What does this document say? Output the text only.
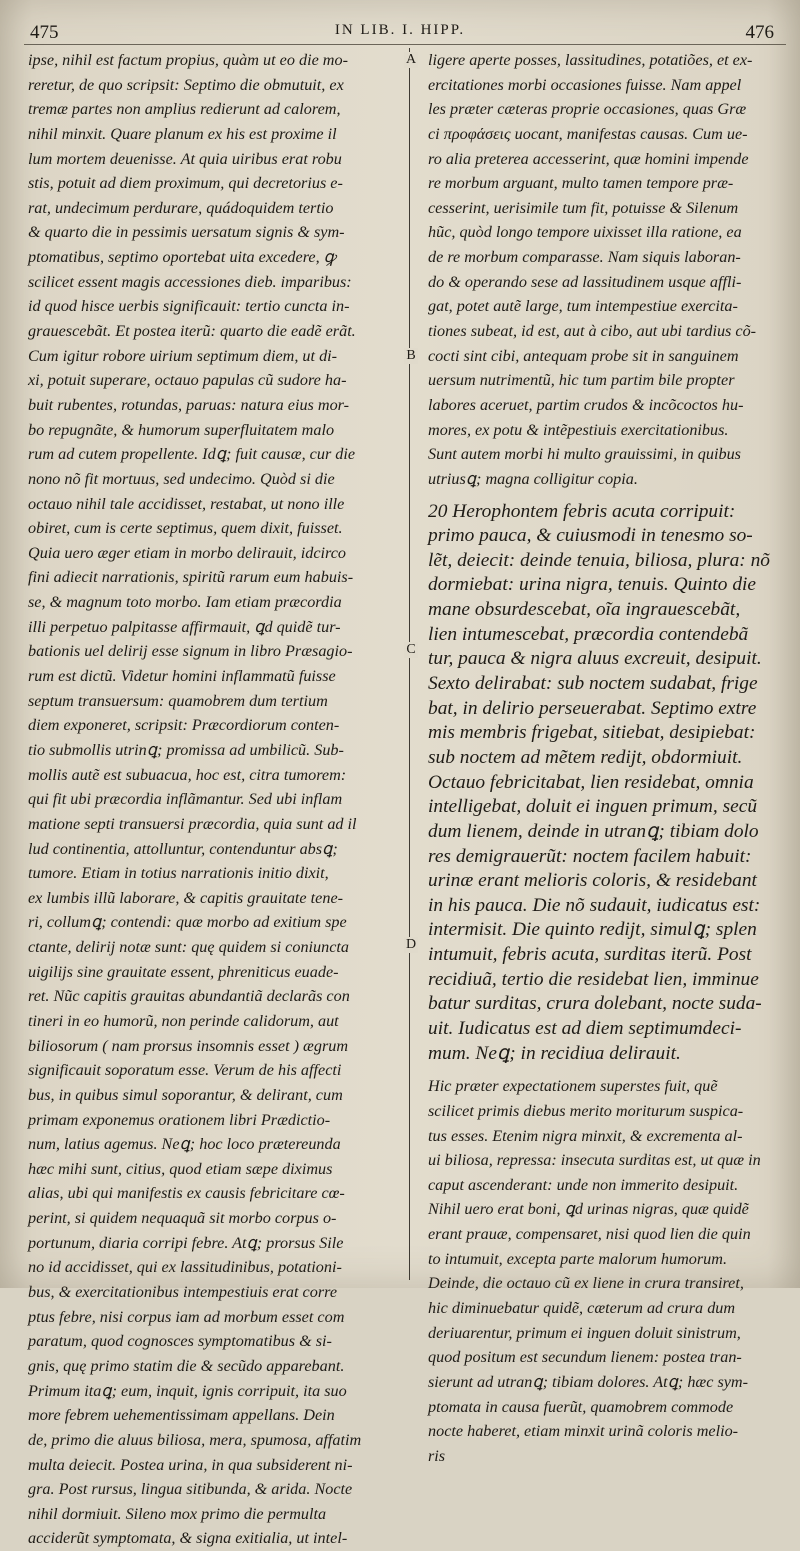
475	IN LIB. I. HIPP.	476
ipse, nihil est factum propius, quàm ut eo die mo-
reretur, de quo scripsit: Septimo die obmutuit, ex
tremæ partes non amplius redierunt ad calorem,
nihil minxit. Quare planum ex his est proxime il
lum mortem deuenisse. At quia uiribus erat robu
stis, potuit ad diem proximum, qui decretorius e-
rat, undecimum perdurare, quádoquidem tertio
& quarto die in pessimis uersatum signis & sym-
ptomatibus, septimo oportebat uita excedere, ꝙ
scilicet essent magis accessiones dieb. imparibus:
id quod hisce uerbis significauit: tertio cuncta in-
grauescebãt. Et postea iterũ: quarto die eadẽ erãt.
Cum igitur robore uirium septimum diem, ut di-
xi, potuit superare, octauo papulas cũ sudore ha-
buit rubentes, rotundas, paruas: natura eius mor-
bo repugnãte, & humorum superfluitatem malo
rum ad cutem propellente. Idꝗ; fuit causæ, cur die
nono nõ fit mortuus, sed undecimo. Quòd si die
octauo nihil tale accidisset, restabat, ut nono ille
obiret, cum is certe septimus, quem dixit, fuisset.
Quia uero æger etiam in morbo delirauit, idcirco
fini adiecit narrationis, spiritũ rarum eum habuis-
se, & magnum toto morbo. Iam etiam præcordia
illi perpetuo palpitasse affirmauit, ꝗd quidẽ tur-
bationis uel delirij esse signum in libro Præsagio-
rum est dictũ. Videtur homini inflammatũ fuisse
septum transuersum: quamobrem dum tertium
diem exponeret, scripsit: Præcordiorum conten-
tio submollis utrinꝗ; promissa ad umbilicũ. Sub-
mollis autẽ est subuacua, hoc est, citra tumorem:
qui fit ubi præcordia inflãmantur. Sed ubi inflam
matione septi transuersi præcordia, quia sunt ad il
lud continentia, attolluntur, contenduntur absꝗ;
tumore. Etiam in totius narrationis initio dixit,
ex lumbis illũ laborare, & capitis grauitate tene-
ri, collumꝗ; contendi: quæ morbo ad exitium spe
ctante, delirij notæ sunt: quę quidem si coniuncta
uigilijs sine grauitate essent, phreniticus euade-
ret. Nũc capitis grauitas abundantiã declarãs con
tineri in eo humorũ, non perinde calidorum, aut
biliosorum ( nam prorsus insomnis esset ) ægrum
significauit soporatum esse. Verum de his affecti
bus, in quibus simul soporantur, & delirant, cum
primam exponemus orationem libri Prædictio-
num, latius agemus. Neꝗ; hoc loco prætereunda
hæc mihi sunt, citius, quod etiam sæpe diximus
alias, ubi qui manifestis ex causis febricitare cœ-
perint, si quidem nequaquã sit morbo corpus o-
portunum, diaria corripi febre. Atꝗ; prorsus Sile
no id accidisset, qui ex lassitudinibus, potationi-
bus, & exercitationibus intempestiuis erat corre
ptus febre, nisi corpus iam ad morbum esset com
paratum, quod cognosces symptomatibus & si-
gnis, quę primo statim die & secũdo apparebant.
Primum itaꝗ; eum, inquit, ignis corripuit, ita suo
more febrem uehementissimam appellans. Dein
de, primo die aluus biliosa, mera, spumosa, affatim
multa deiecit. Postea urina, in qua subsiderent ni-
gra. Post rursus, lingua sitibunda, & arida. Nocte
nihil dormiuit. Sileno mox primo die permulta
acciderũt symptomata, & signa exitialia, ut intel-
ligere aperte posses, lassitudines, potatiões, et ex-
ercitationes morbi occasiones fuisse. Nam appel
les præter cæteras proprie occasiones, quas Græ
ci προφάσεις uocant, manifestas causas. Cum ue-
ro alia preterea accesserint, quæ homini impende
re morbum arguant, multo tamen tempore præ-
cesserint, uerisimile tum fit, potuisse & Silenum
hũc, quòd longo tempore uixisset illa ratione, ea
de re morbum comparasse. Nam siquis laboran-
do & operando sese ad lassitudinem usque affli-
gat, potet autẽ large, tum intempestiue exercita-
tiones subeat, id est, aut à cibo, aut ubi tardius cõ-
cocti sint cibi, antequam probe sit in sanguinem
uersum nutrimentũ, hic tum partim bile propter
labores aceruet, partim crudos & incõcoctos hu-
mores, ex potu & intẽpestiuis exercitationibus.
Sunt autem morbi hi multo grauissimi, in quibus
utriusꝗ; magna colligitur copia.
20 Herophontem febris acuta corripuit:
primo pauca, & cuiusmodi in tenesmo so-
lẽt, deiecit: deinde tenuia, biliosa, plura: nõ
dormiebat: urina nigra, tenuis. Quinto die
mane obsurdescebat, oĩa ingrauescebãt,
lien intumescebat, præcordia contendebã
tur, pauca & nigra aluus excreuit, desipuit.
Sexto delirabat: sub noctem sudabat, frige
bat, in delirio perseuerabat. Septimo extre
mis membris frigebat, sitiebat, desipiebat:
sub noctem ad mẽtem redijt, obdormiuit.
Octauo febricitabat, lien residebat, omnia
intelligebat, doluit ei inguen primum, secũ
dum lienem, deinde in utranꝗ; tibiam dolo
res demigrauerũt: noctem facilem habuit:
urinæ erant melioris coloris, & residebant
in his pauca. Die nõ sudauit, iudicatus est:
intermisit. Die quinto redijt, simulꝗ; splen
intumuit, febris acuta, surditas iterũ. Post
recidiuã, tertio die residebat lien, imminue
batur surditas, crura dolebant, nocte suda-
uit. Iudicatus est ad diem septimumdeci-
mum. Neꝗ; in recidiua delirauit.
Hic præter expectationem superstes fuit, quẽ
scilicet primis diebus merito moriturum suspica-
tus esses. Etenim nigra minxit, & excrementa al-
ui biliosa, repressa: insecuta surditas est, ut quæ in
caput ascenderant: unde non immerito desipuit.
Nihil uero erat boni, ꝗd urinas nigras, quæ quidẽ
erant prauæ, compensaret, nisi quod lien die quin
to intumuit, excepta parte malorum humorum.
Deinde, die octauo cũ ex liene in crura transiret,
hic diminuebatur quidẽ, cæterum ad crura dum
deriuarentur, primum ei inguen doluit sinistrum,
quod positum est secundum lienem: postea tran-
sierunt ad utranꝗ; tibiam dolores. Atꝗ; hæc sym-
ptomata in causa fuerũt, quamobrem commode
nocte haberet, etiam minxit urinã coloris melio-
ris
A
B
C
D
